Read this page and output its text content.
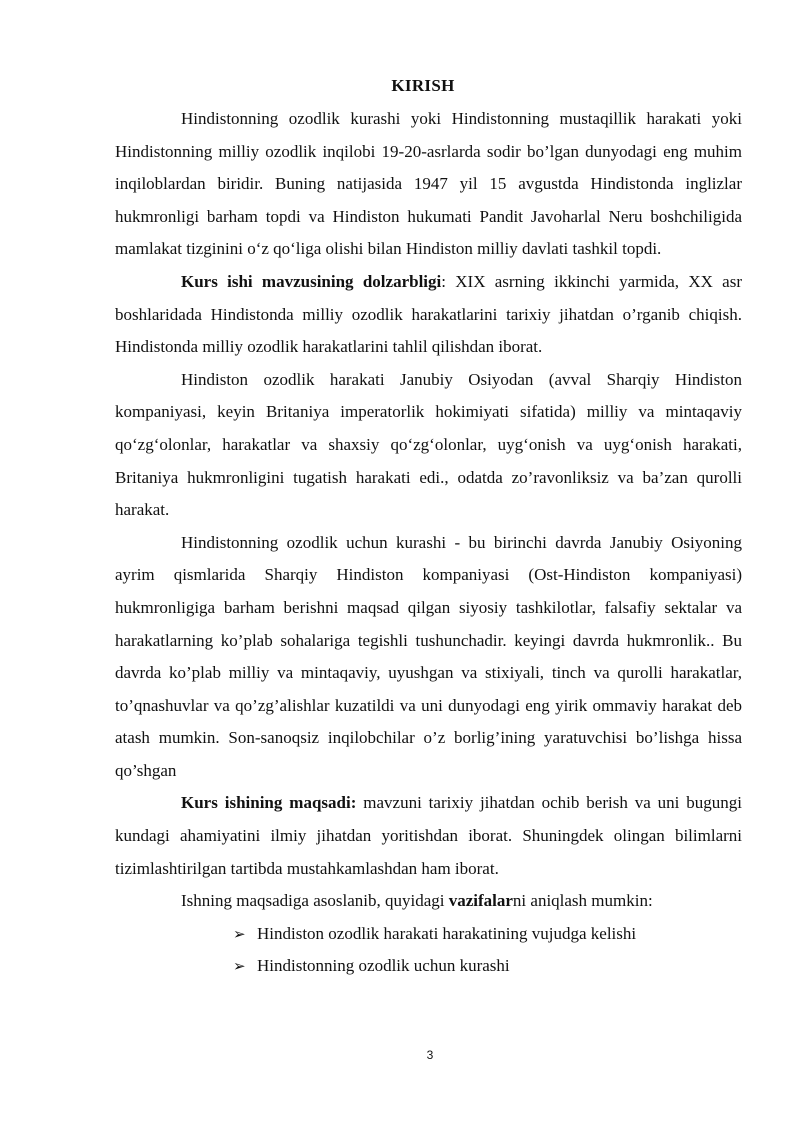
KIRISH

Hindistonning ozodlik kurashi yoki Hindistonning mustaqillik harakati yoki Hindistonning milliy ozodlik inqilobi 19-20-asrlarda sodir bo’lgan dunyodagi eng muhim inqiloblardan biridir. Buning natijasida 1947 yil 15 avgustda Hindistonda inglizlar hukmronligi barham topdi va Hindiston hukumati Pandit Javoharlal Neru boshchiligida mamlakat tizginini o‘z qo‘liga olishi bilan Hindiston milliy davlati tashkil topdi.

Kurs ishi mavzusining dolzarbligi: XIX asrning ikkinchi yarmida, XX asr boshlaridada Hindistonda milliy ozodlik harakatlarini tarixiy jihatdan o’rganib chiqish. Hindistonda milliy ozodlik harakatlarini tahlil qilishdan iborat.

Hindiston ozodlik harakati Janubiy Osiyodan (avval Sharqiy Hindiston kompaniyasi, keyin Britaniya imperatorlik hokimiyati sifatida) milliy va mintaqaviy qo‘zg‘olonlar, harakatlar va shaxsiy qo‘zg‘olonlar, uyg‘onish va uyg‘onish harakati, Britaniya hukmronligini tugatish harakati edi., odatda zo’ravonliksiz va ba’zan qurolli harakat.

Hindistonning ozodlik uchun kurashi - bu birinchi davrda Janubiy Osiyoning ayrim qismlarida Sharqiy Hindiston kompaniyasi (Ost-Hindiston kompaniyasi) hukmronligiga barham berishni maqsad qilgan siyosiy tashkilotlar, falsafiy sektalar va harakatlarning ko’plab sohalariga tegishli tushunchadir. keyingi davrda hukmronlik.. Bu davrda ko’plab milliy va mintaqaviy, uyushgan va stixiyali, tinch va qurolli harakatlar, to’qnashuvlar va qo’zg’alishlar kuzatildi va uni dunyodagi eng yirik ommaviy harakat deb atash mumkin. Son-sanoqsiz inqilobchilar o’z borlig’ining yaratuvchisi bo’lishga hissa qo’shgan

Kurs ishining maqsadi: mavzuni tarixiy jihatdan ochib berish va uni bugungi kundagi ahamiyatini ilmiy jihatdan yoritishdan iborat. Shuningdek olingan bilimlarni tizimlashtirilgan tartibda mustahkamlashdan ham iborat.

Ishning maqsadiga asoslanib, quyidagi vazifalarni aniqlash mumkin:

➢ Hindiston ozodlik harakati harakatining vujudga kelishi
➢ Hindistonning ozodlik uchun kurashi
3
